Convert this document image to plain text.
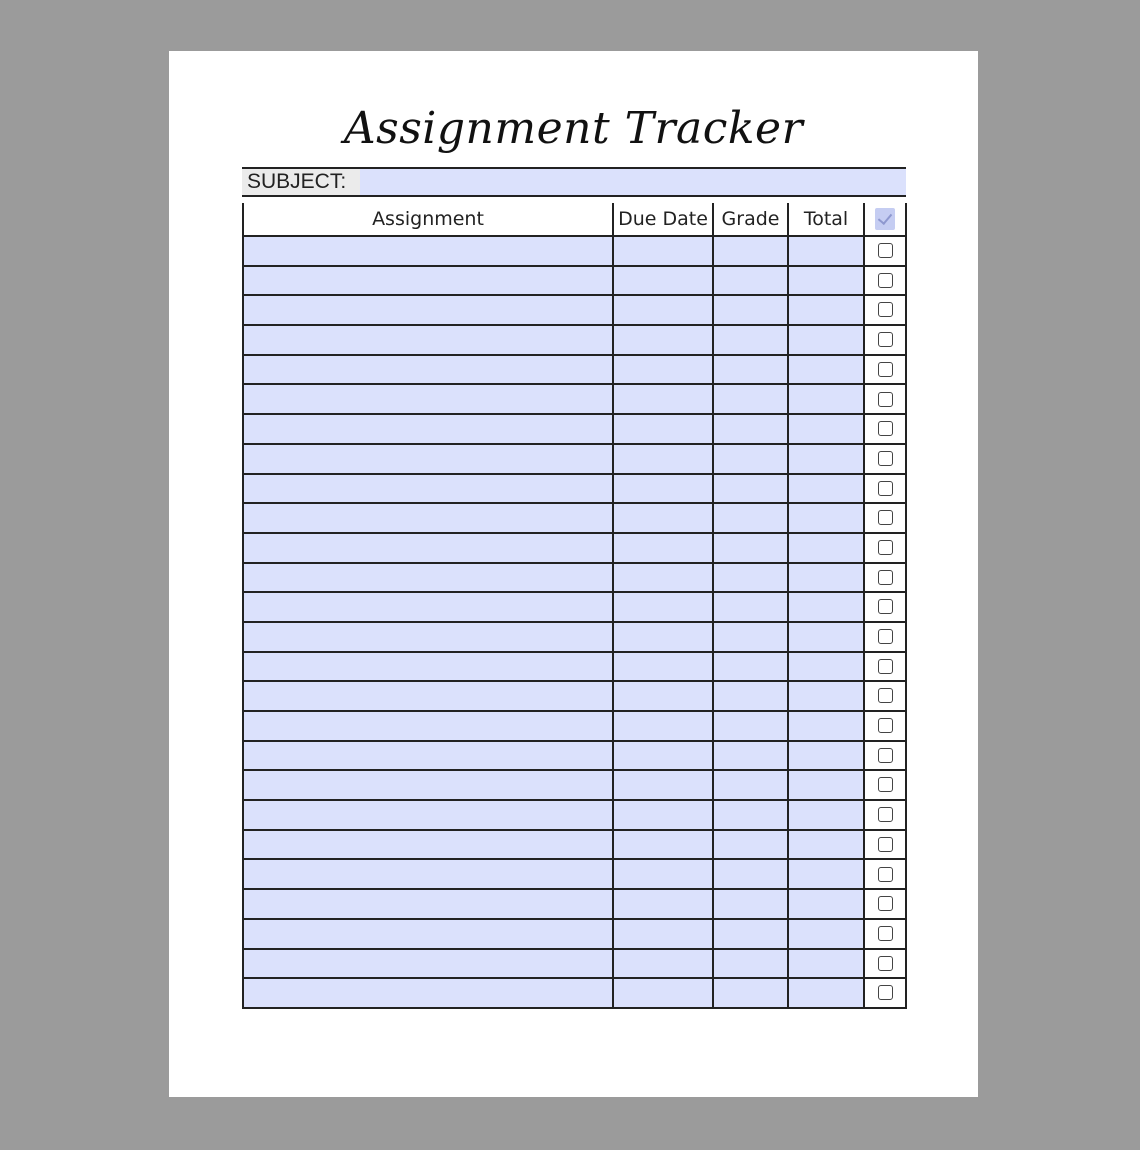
Assignment Tracker
SUBJECT:
Assignment	Due Date	Grade	Total	
